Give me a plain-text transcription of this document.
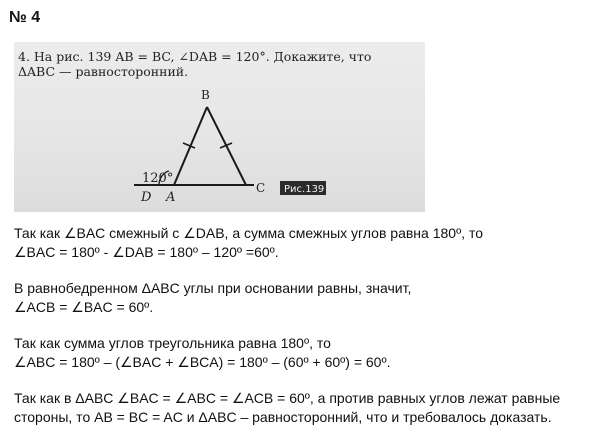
№ 4
4. На рис. 139 AB = BC, ∠DAB = 120°. Докажите, что
ΔABC — равносторонний.
B
120°
D A
C Рис.139

Так как ∠BAC смежный с ∠DAB, а сумма смежных углов равна 180º, то
∠BAC = 180º - ∠DAB = 180º – 120º =60º.

В равнобедренном ΔABC углы при основании равны, значит,
∠ACB = ∠BAC = 60º.

Так как сумма углов треугольника равна 180º, то
∠ABC = 180º – (∠BAC + ∠BCA) = 180º – (60º + 60º) = 60º.

Так как в ΔABC ∠BAC = ∠ABC = ∠ACB = 60º, а против равных углов лежат равные
стороны, то AB = BC = AC и ΔABC – равносторонний, что и требовалось доказать.
